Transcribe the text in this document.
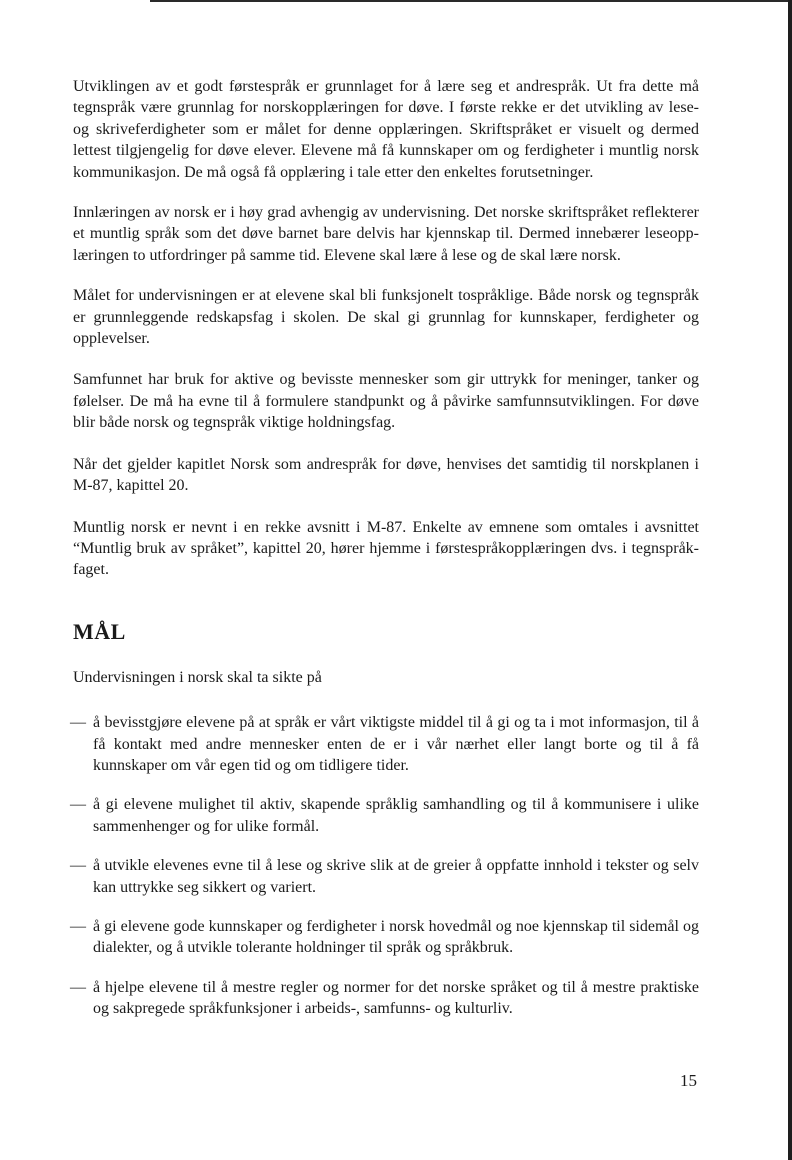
Utviklingen av et godt førstespråk er grunnlaget for å lære seg et andrespråk. Ut fra dette må tegnspråk være grunnlag for norskopplæringen for døve. I første rekke er det utvikling av lese- og skriveferdigheter som er målet for denne opplæringen. Skriftspråket er visuelt og dermed lettest tilgjengelig for døve elever. Elevene må få kunnskaper om og ferdigheter i muntlig norsk kommunikasjon. De må også få opplæring i tale etter den enkeltes forutsetninger.

Innlæringen av norsk er i høy grad avhengig av undervisning. Det norske skriftspråket reflekterer et muntlig språk som det døve barnet bare delvis har kjennskap til. Dermed innebærer leseopplæringen to utfordringer på samme tid. Elevene skal lære å lese og de skal lære norsk.

Målet for undervisningen er at elevene skal bli funksjonelt tospråklige. Både norsk og tegnspråk er grunnleggende redskapsfag i skolen. De skal gi grunnlag for kunnskaper, ferdigheter og opplevelser.

Samfunnet har bruk for aktive og bevisste mennesker som gir uttrykk for meninger, tanker og følelser. De må ha evne til å formulere standpunkt og å påvirke samfunnsutviklingen. For døve blir både norsk og tegnspråk viktige holdningsfag.

Når det gjelder kapitlet Norsk som andrespråk for døve, henvises det samtidig til norskplanen i M-87, kapittel 20.

Muntlig norsk er nevnt i en rekke avsnitt i M-87. Enkelte av emnene som omtales i avsnittet “Muntlig bruk av språket”, kapittel 20, hører hjemme i førstespråkopplæringen dvs. i tegnspråkfaget.

MÅL

Undervisningen i norsk skal ta sikte på

— å bevisstgjøre elevene på at språk er vårt viktigste middel til å gi og ta i mot informasjon, til å få kontakt med andre mennesker enten de er i vår nærhet eller langt borte og til å få kunnskaper om vår egen tid og om tidligere tider.
— å gi elevene mulighet til aktiv, skapende språklig samhandling og til å kommunisere i ulike sammenhenger og for ulike formål.
— å utvikle elevenes evne til å lese og skrive slik at de greier å oppfatte innhold i tekster og selv kan uttrykke seg sikkert og variert.
— å gi elevene gode kunnskaper og ferdigheter i norsk hovedmål og noe kjennskap til sidemål og dialekter, og å utvikle tolerante holdninger til språk og språkbruk.
— å hjelpe elevene til å mestre regler og normer for det norske språket og til å mestre praktiske og sakpregede språkfunksjoner i arbeids-, samfunns- og kulturliv.
15
